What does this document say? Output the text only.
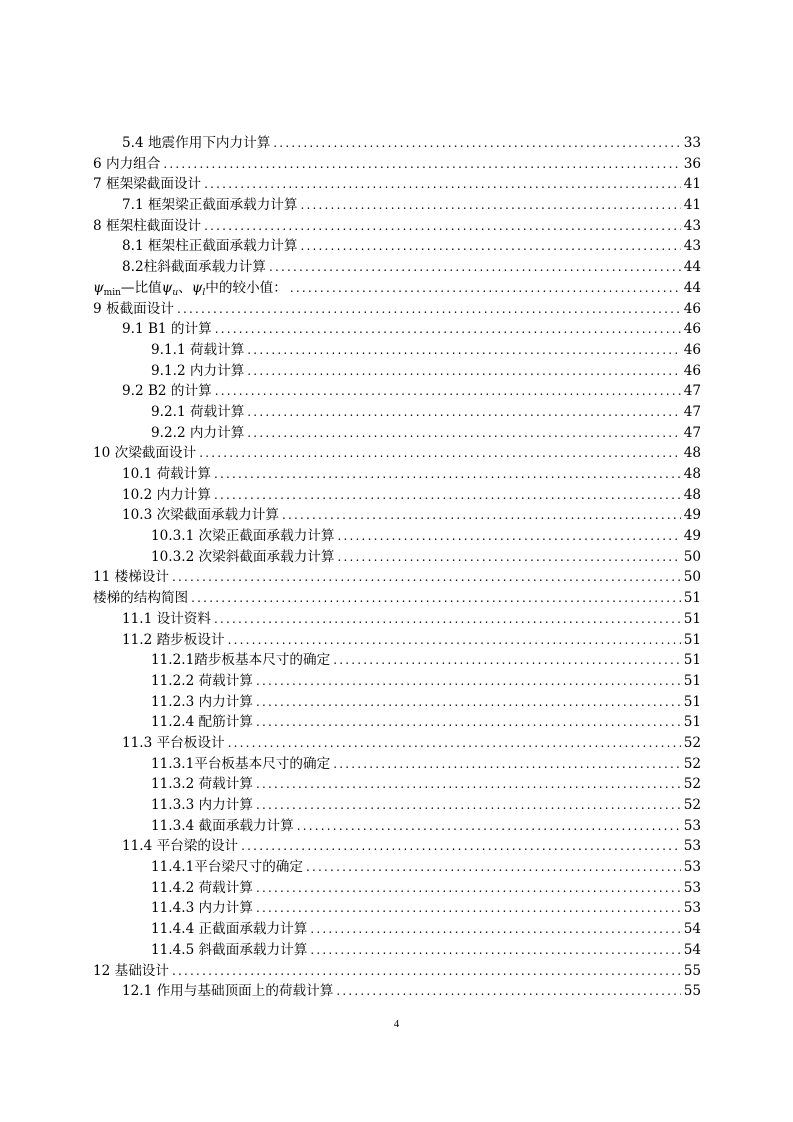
5.4 地震作用下内力计算 .....	33
6 内力组合 .....	36
7 框架梁截面设计 .....	41
7.1 框架梁正截面承载力计算 .....	41
8 框架柱截面设计 .....	43
8.1 框架柱正截面承载力计算 .....	43
8.2柱斜截面承载力计算 .....	44
$\psi_{min}—$比值$\psi_u$、$\psi_l$中的较小值： .....	44
9 板截面设计 .....	46
9.1 B1 的计算 .....	46
9.1.1 荷载计算 .....	46
9.1.2 内力计算 .....	46
9.2 B2 的计算 .....	47
9.2.1 荷载计算 .....	47
9.2.2 内力计算 .....	47
10 次梁截面设计 .....	48
10.1 荷载计算 .....	48
10.2 内力计算 .....	48
10.3 次梁截面承载力计算 .....	49
10.3.1 次梁正截面承载力计算 .....	49
10.3.2 次梁斜截面承载力计算 .....	50
11 楼梯设计 .....	50
楼梯的结构简图 .....	51
11.1 设计资料 .....	51
11.2 踏步板设计 .....	51
11.2.1踏步板基本尺寸的确定 .....	51
11.2.2 荷载计算 .....	51
11.2.3 内力计算 .....	51
11.2.4 配筋计算 .....	51
11.3 平台板设计 .....	52
11.3.1平台板基本尺寸的确定 .....	52
11.3.2 荷载计算 .....	52
11.3.3 内力计算 .....	52
11.3.4 截面承载力计算 .....	53
11.4 平台梁的设计 .....	53
11.4.1平台梁尺寸的确定 .....	53
11.4.2 荷载计算 .....	53
11.4.3 内力计算 .....	53
11.4.4 正截面承载力计算 .....	54
11.4.5 斜截面承载力计算 .....	54
12 基础设计 .....	55
12.1 作用与基础顶面上的荷载计算 .....	55
4
